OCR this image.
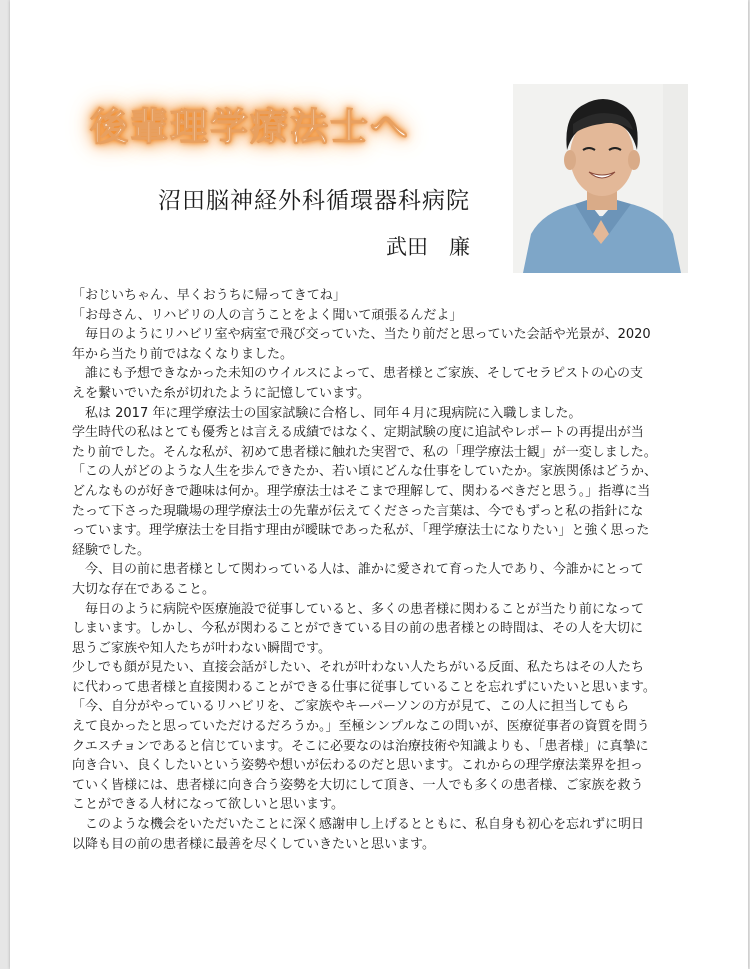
後輩理学療法士へ
沼田脳神経外科循環器科病院
武田　廉

「おじいちゃん、早くおうちに帰ってきてね」

「お母さん、リハビリの人の言うことをよく聞いて頑張るんだよ」

　毎日のようにリハビリ室や病室で飛び交っていた、当たり前だと思っていた会話や光景が、2020

年から当たり前ではなくなりました。

　誰にも予想できなかった未知のウイルスによって、患者様とご家族、そしてセラピストの心の支

えを繋いでいた糸が切れたように記憶しています。

　私は 2017 年に理学療法士の国家試験に合格し、同年４月に現病院に入職しました。

学生時代の私はとても優秀とは言える成績ではなく、定期試験の度に追試やレポートの再提出が当

たり前でした。そんな私が、初めて患者様に触れた実習で、私の「理学療法士観」が一変しました。

「この人がどのような人生を歩んできたか、若い頃にどんな仕事をしていたか。家族関係はどうか、

どんなものが好きで趣味は何か。理学療法士はそこまで理解して、関わるべきだと思う。」指導に当

たって下さった現職場の理学療法士の先輩が伝えてくださった言葉は、今でもずっと私の指針にな

っています。理学療法士を目指す理由が曖昧であった私が、「理学療法士になりたい」と強く思った

経験でした。

　今、目の前に患者様として関わっている人は、誰かに愛されて育った人であり、今誰かにとって

大切な存在であること。

　毎日のように病院や医療施設で従事していると、多くの患者様に関わることが当たり前になって

しまいます。しかし、今私が関わることができている目の前の患者様との時間は、その人を大切に

思うご家族や知人たちが叶わない瞬間です。

少しでも顔が見たい、直接会話がしたい、それが叶わない人たちがいる反面、私たちはその人たち

に代わって患者様と直接関わることができる仕事に従事していることを忘れずにいたいと思います。

「今、自分がやっているリハビリを、ご家族やキーパーソンの方が見て、この人に担当してもら

えて良かったと思っていただけるだろうか。」至極シンプルなこの問いが、医療従事者の資質を問う

クエスチョンであると信じています。そこに必要なのは治療技術や知識よりも、「患者様」に真摯に

向き合い、良くしたいという姿勢や想いが伝わるのだと思います。これからの理学療法業界を担っ

ていく皆様には、患者様に向き合う姿勢を大切にして頂き、一人でも多くの患者様、ご家族を救う

ことができる人材になって欲しいと思います。

　このような機会をいただいたことに深く感謝申し上げるとともに、私自身も初心を忘れずに明日

以降も目の前の患者様に最善を尽くしていきたいと思います。
